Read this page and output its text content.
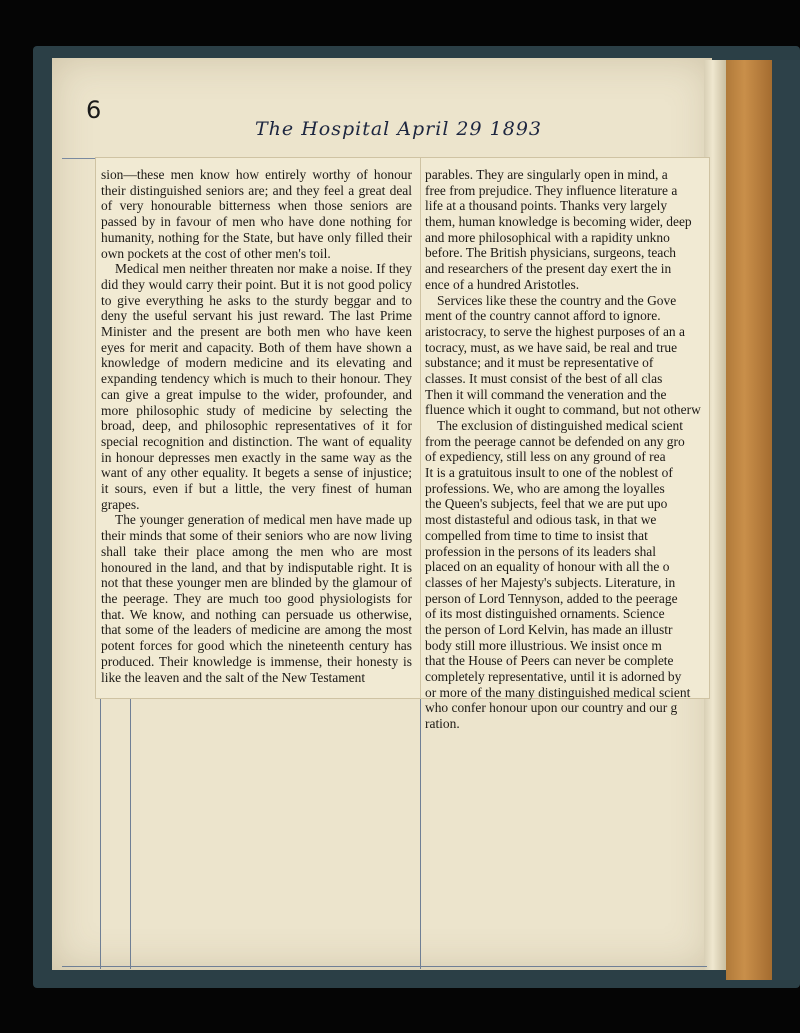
6
The Hospital April 29 1893

sion—these men know how entirely worthy of honour their distinguished seniors are; and they feel a great deal of very honourable bitterness when those seniors are passed by in favour of men who have done nothing for humanity, nothing for the State, but have only filled their own pockets at the cost of other men's toil.

Medical men neither threaten nor make a noise. If they did they would carry their point. But it is not good policy to give everything he asks to the sturdy beggar and to deny the useful servant his just reward. The last Prime Minister and the present are both men who have keen eyes for merit and capacity. Both of them have shown a knowledge of modern medicine and its elevating and expanding tendency which is much to their honour. They can give a great impulse to the wider, profounder, and more philosophic study of medicine by selecting the broad, deep, and philosophic representatives of it for special recognition and distinction. The want of equality in honour depresses men exactly in the same way as the want of any other equality. It begets a sense of injustice; it sours, even if but a little, the very finest of human grapes.

The younger generation of medical men have made up their minds that some of their seniors who are now living shall take their place among the men who are most honoured in the land, and that by indisputable right. It is not that these younger men are blinded by the glamour of the peerage. They are much too good physiologists for that. We know, and nothing can persuade us otherwise, that some of the leaders of medicine are among the most potent forces for good which the nineteenth century has produced. Their knowledge is immense, their honesty is like the leaven and the salt of the New Testament

parables. They are singularly open in mind, a
free from prejudice. They influence literature a
life at a thousand points. Thanks very largely
them, human knowledge is becoming wider, deep
and more philosophical with a rapidity unkno
before. The British physicians, surgeons, teach
and researchers of the present day exert the in
ence of a hundred Aristotles.
Services like these the country and the Gove
ment of the country cannot afford to ignore.
aristocracy, to serve the highest purposes of an a
tocracy, must, as we have said, be real and true
substance; and it must be representative of
classes. It must consist of the best of all clas
Then it will command the veneration and the
fluence which it ought to command, but not otherw
The exclusion of distinguished medical scient
from the peerage cannot be defended on any gro
of expediency, still less on any ground of rea
It is a gratuitous insult to one of the noblest of
professions. We, who are among the loyalles
the Queen's subjects, feel that we are put upo
most distasteful and odious task, in that we
compelled from time to time to insist that
profession in the persons of its leaders shal
placed on an equality of honour with all the o
classes of her Majesty's subjects. Literature, in
person of Lord Tennyson, added to the peerage
of its most distinguished ornaments. Science
the person of Lord Kelvin, has made an illustr
body still more illustrious. We insist once m
that the House of Peers can never be complete
completely representative, until it is adorned by
or more of the many distinguished medical scient
who confer honour upon our country and our g
ration.
